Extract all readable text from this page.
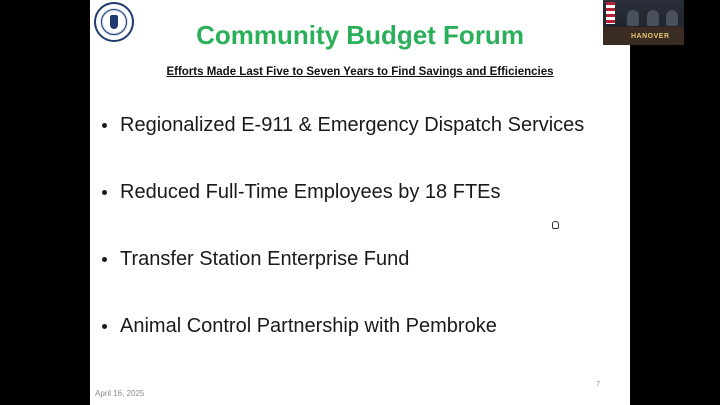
Community Budget Forum
Efforts Made Last Five to Seven Years to Find Savings and Efficiencies
Regionalized E-911 & Emergency Dispatch Services
Reduced Full-Time Employees by 18 FTEs
Transfer Station Enterprise Fund
Animal Control Partnership with Pembroke
April 16, 2025
7
HANOVER
